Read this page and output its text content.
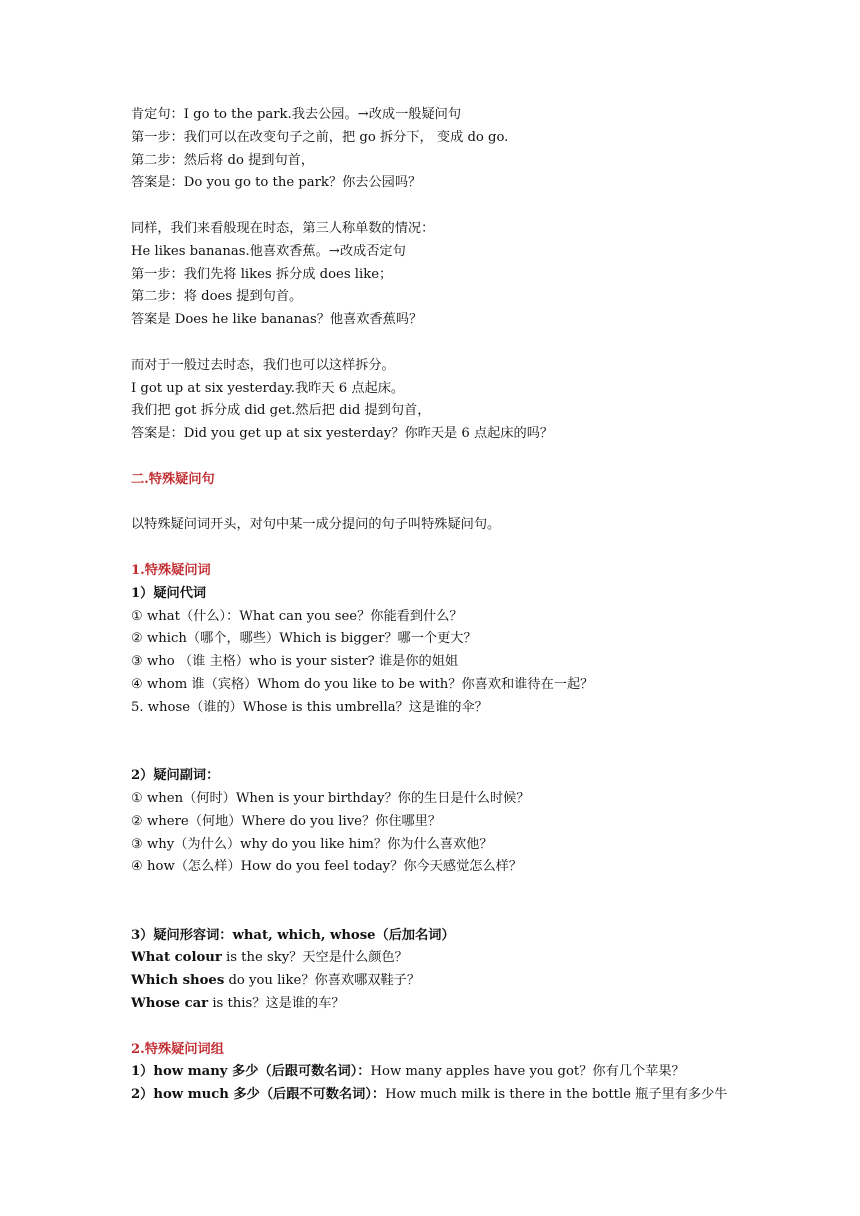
肯定句：I go to the park.我去公园。→改成一般疑问句
第一步：我们可以在改变句子之前，把 go 拆分下， 变成 do go.
第二步：然后将 do 提到句首，
答案是：Do you go to the park？你去公园吗？
同样，我们来看般现在时态，第三人称单数的情况：
He likes bananas.他喜欢香蕉。→改成否定句
第一步：我们先将 likes 拆分成 does like；
第二步：将 does 提到句首。
答案是 Does he like bananas？他喜欢香蕉吗？
而对于一般过去时态，我们也可以这样拆分。
I got up at six yesterday.我昨天 6 点起床。
我们把 got 拆分成 did get.然后把 did 提到句首，
答案是：Did you get up at six yesterday？你昨天是 6 点起床的吗？
二.特殊疑问句
以特殊疑问词开头，对句中某一成分提问的句子叫特殊疑问句。
1.特殊疑问词
1）疑问代词
① what（什么）：What can you see？你能看到什么？
② which（哪个，哪些）Which is bigger？哪一个更大？
③ who （谁 主格）who is your sister? 谁是你的姐姐
④ whom 谁（宾格）Whom do you like to be with？你喜欢和谁待在一起？
5. whose（谁的）Whose is this umbrella？这是谁的伞？
2）疑问副词：
① when（何时）When is your birthday？你的生日是什么时候？
② where（何地）Where do you live？你住哪里？
③ why（为什么）why do you like him？你为什么喜欢他？
④ how（怎么样）How do you feel today？你今天感觉怎么样？
3）疑问形容词：what, which, whose（后加名词）
What colour is the sky？天空是什么颜色？
Which shoes do you like？你喜欢哪双鞋子？
Whose car is this？这是谁的车？
2.特殊疑问词组
1）how many 多少（后跟可数名词）：How many apples have you got？你有几个苹果？
2）how much 多少（后跟不可数名词）：How much milk is there in the bottle 瓶子里有多少牛
